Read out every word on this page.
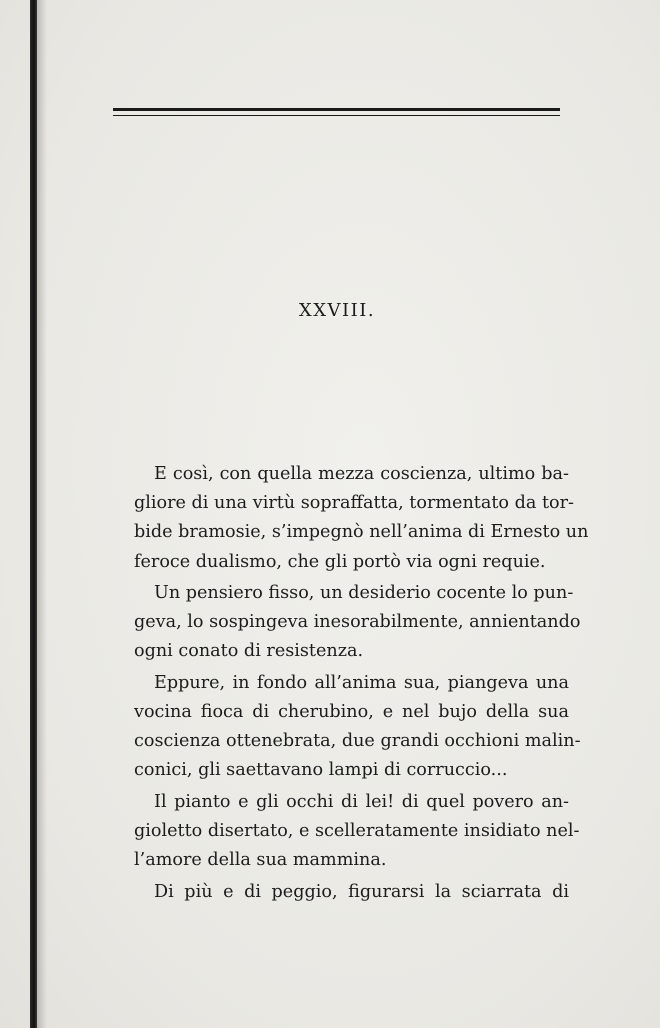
XXVIII.

E così, con quella mezza coscienza, ultimo ba-
gliore di una virtù sopraffatta, tormentato da tor-
bide bramosie, s’impegnò nell’anima di Ernesto un
feroce dualismo, che gli portò via ogni requie.

Un pensiero fisso, un desiderio cocente lo pun-
geva, lo sospingeva inesorabilmente, annientando
ogni conato di resistenza.

Eppure, in fondo all’anima sua, piangeva una
vocina fioca di cherubino, e nel bujo della sua
coscienza ottenebrata, due grandi occhioni malin-
conici, gli saettavano lampi di corruccio...

Il pianto e gli occhi di lei! di quel povero an-
gioletto disertato, e scelleratamente insidiato nel-
l’amore della sua mammina.

Di più e di peggio, figurarsi la sciarrata di
